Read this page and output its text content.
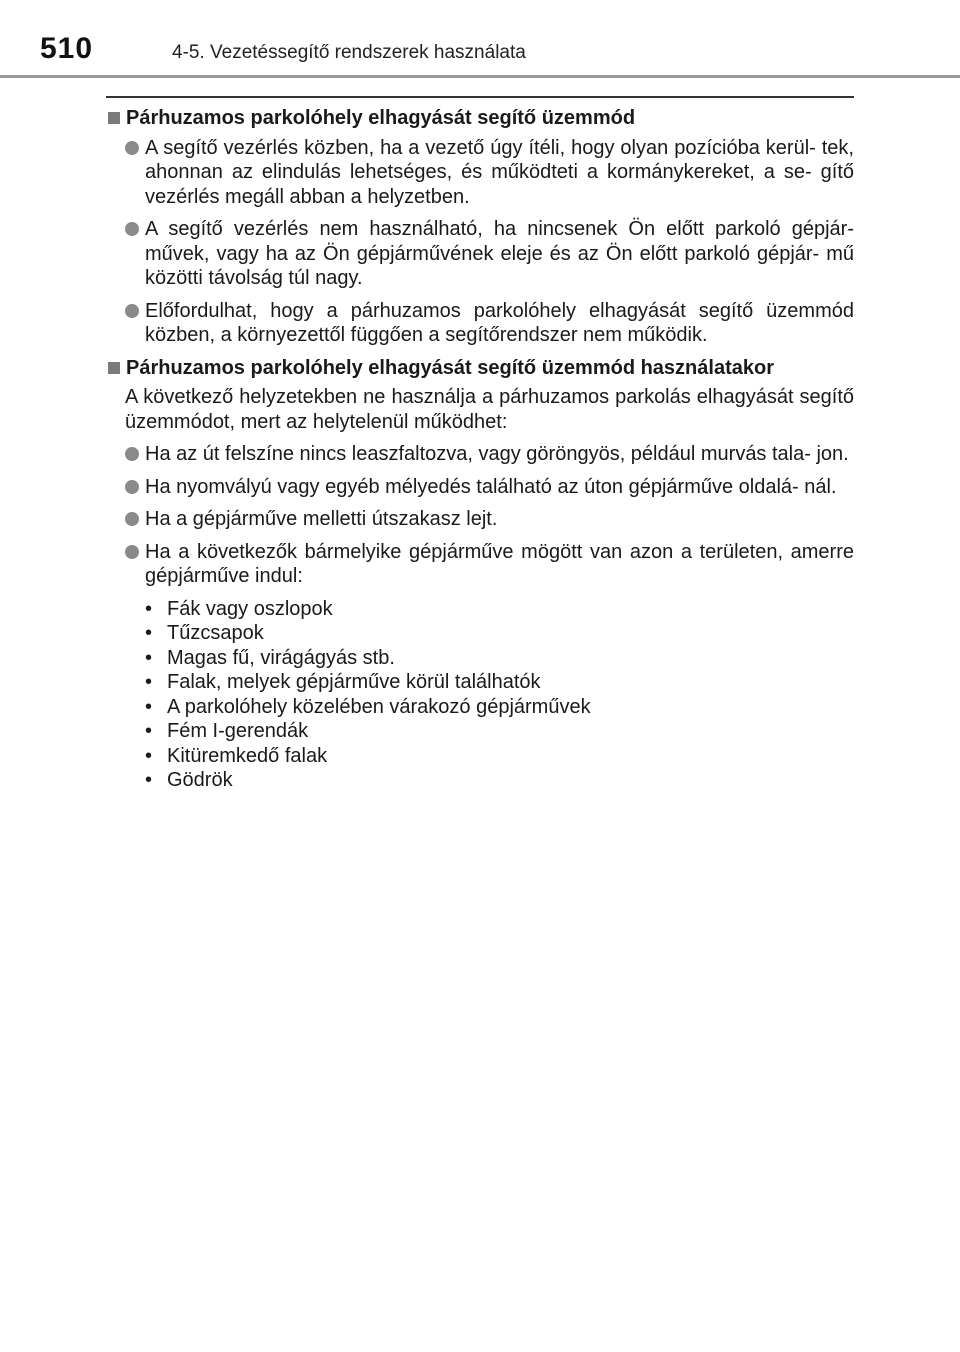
510	4-5. Vezetéssegítő rendszerek használata
Párhuzamos parkolóhely elhagyását segítő üzemmód
A segítő vezérlés közben, ha a vezető úgy ítéli, hogy olyan pozícióba kerül- tek, ahonnan az elindulás lehetséges, és működteti a kormánykereket, a se- gítő vezérlés megáll abban a helyzetben.
A segítő vezérlés nem használható, ha nincsenek Ön előtt parkoló gépjár- művek, vagy ha az Ön gépjárművének eleje és az Ön előtt parkoló gépjár- mű közötti távolság túl nagy.
Előfordulhat, hogy a párhuzamos parkolóhely elhagyását segítő üzemmód közben, a környezettől függően a segítőrendszer nem működik.
Párhuzamos parkolóhely elhagyását segítő üzemmód használatakor
A következő helyzetekben ne használja a párhuzamos parkolás elhagyását segítő üzemmódot, mert az helytelenül működhet:
Ha az út felszíne nincs leaszfaltozva, vagy göröngyös, például murvás tala- jon.
Ha nyomvályú vagy egyéb mélyedés található az úton gépjárműve oldalá- nál.
Ha a gépjárműve melletti útszakasz lejt.
Ha a következők bármelyike gépjárműve mögött van azon a területen, amerre gépjárműve indul:
• Fák vagy oszlopok
• Tűzcsapok
• Magas fű, virágágyás stb.
• Falak, melyek gépjárműve körül találhatók
• A parkolóhely közelében várakozó gépjárművek
• Fém I-gerendák
• Kitüremkedő falak
• Gödrök
